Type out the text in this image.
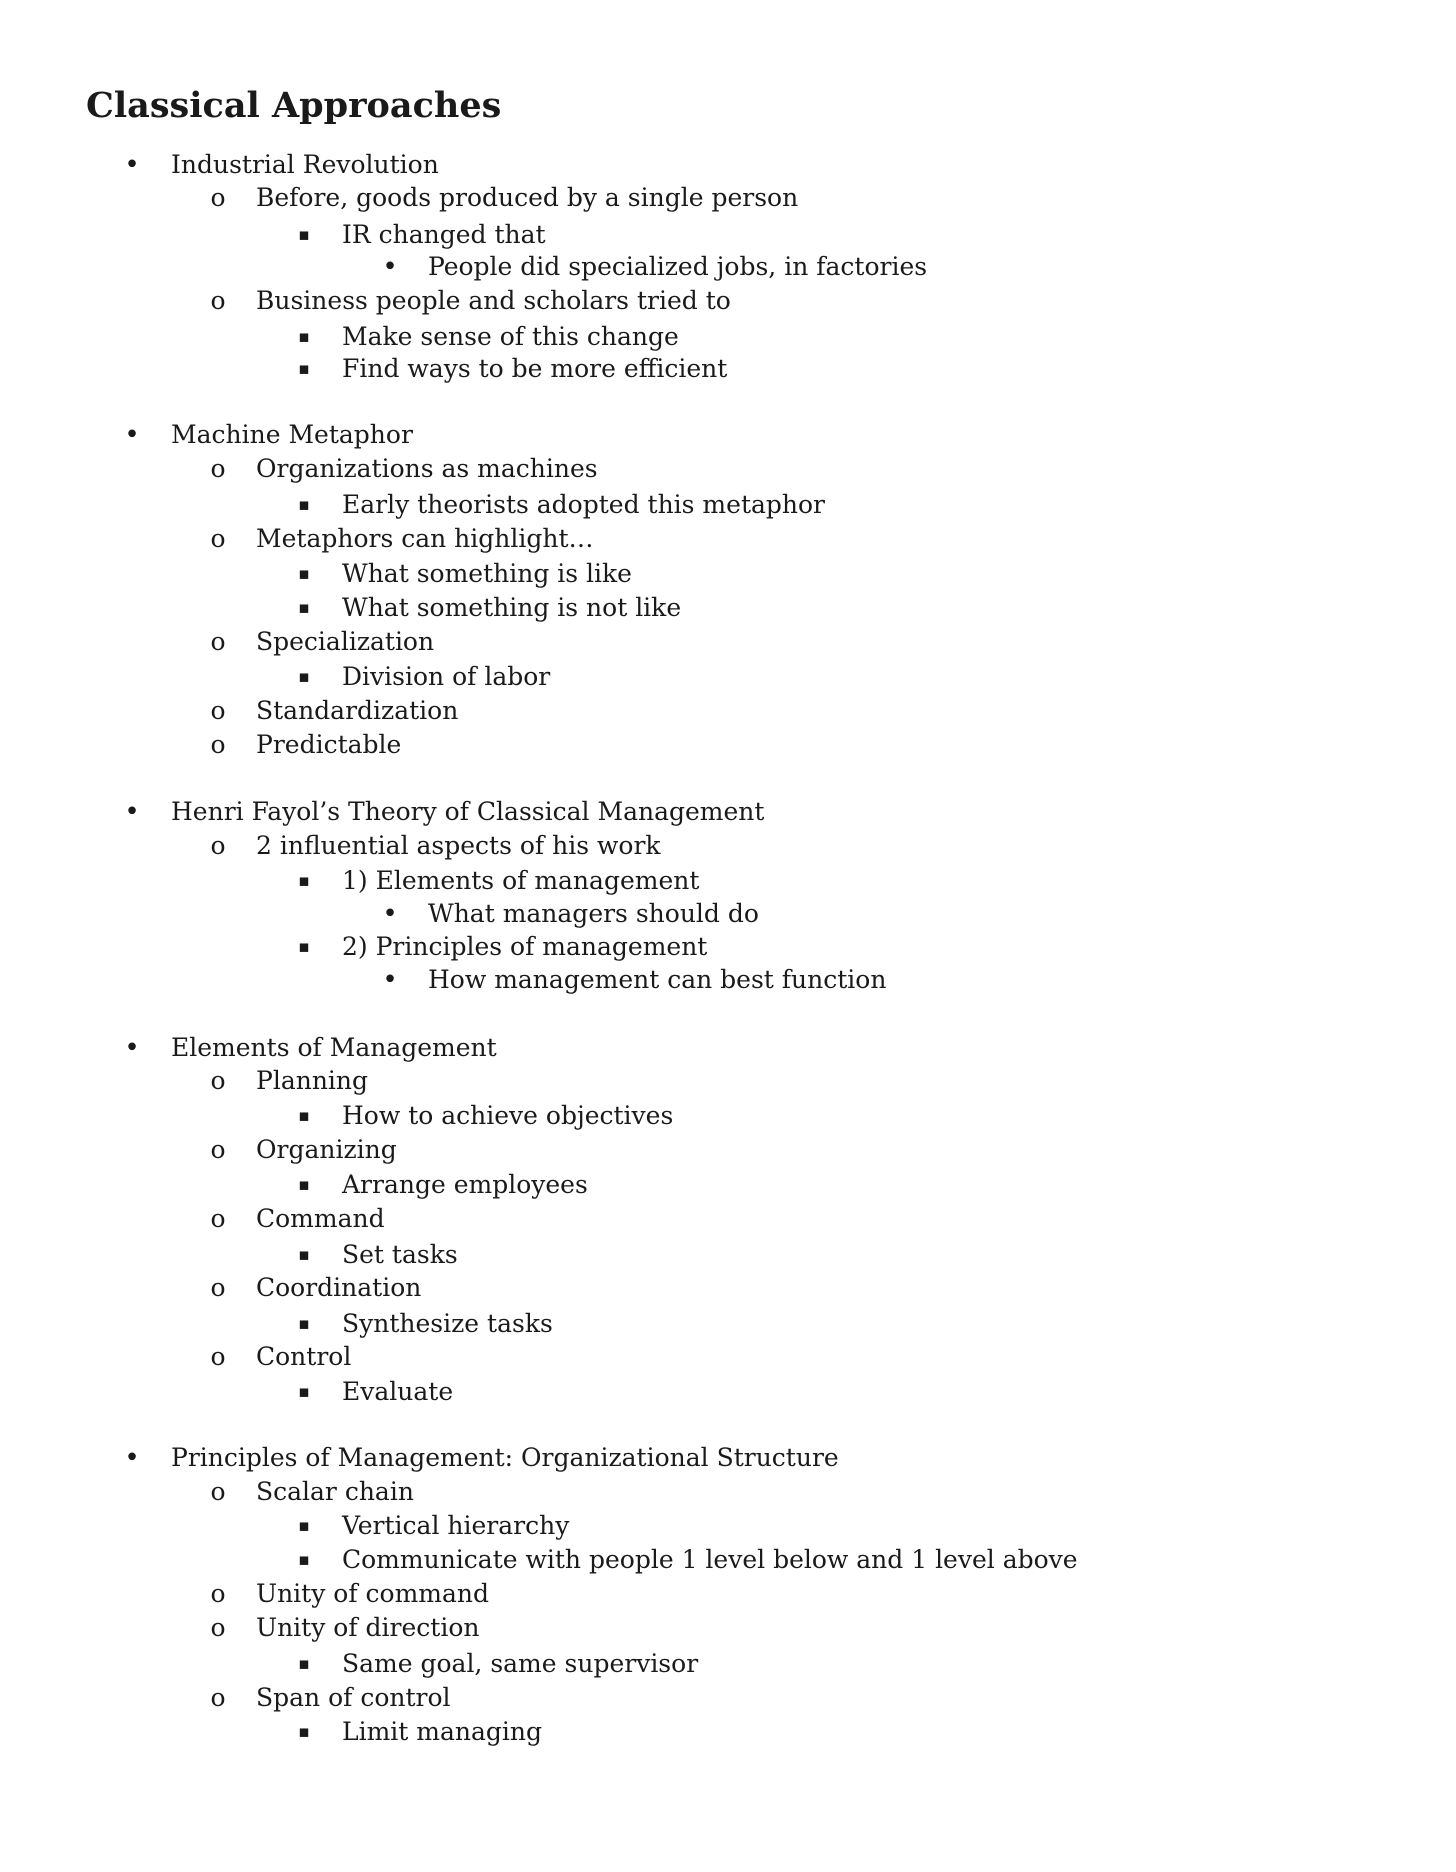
Classical Approaches
• Industrial Revolution
o Before, goods produced by a single person
▪ IR changed that
• People did specialized jobs, in factories
o Business people and scholars tried to
▪ Make sense of this change
▪ Find ways to be more efficient
• Machine Metaphor
o Organizations as machines
▪ Early theorists adopted this metaphor
o Metaphors can highlight…
▪ What something is like
▪ What something is not like
o Specialization
▪ Division of labor
o Standardization
o Predictable
• Henri Fayol’s Theory of Classical Management
o 2 influential aspects of his work
▪ 1) Elements of management
• What managers should do
▪ 2) Principles of management
• How management can best function
• Elements of Management
o Planning
▪ How to achieve objectives
o Organizing
▪ Arrange employees
o Command
▪ Set tasks
o Coordination
▪ Synthesize tasks
o Control
▪ Evaluate
• Principles of Management: Organizational Structure
o Scalar chain
▪ Vertical hierarchy
▪ Communicate with people 1 level below and 1 level above
o Unity of command
o Unity of direction
▪ Same goal, same supervisor
o Span of control
▪ Limit managing
